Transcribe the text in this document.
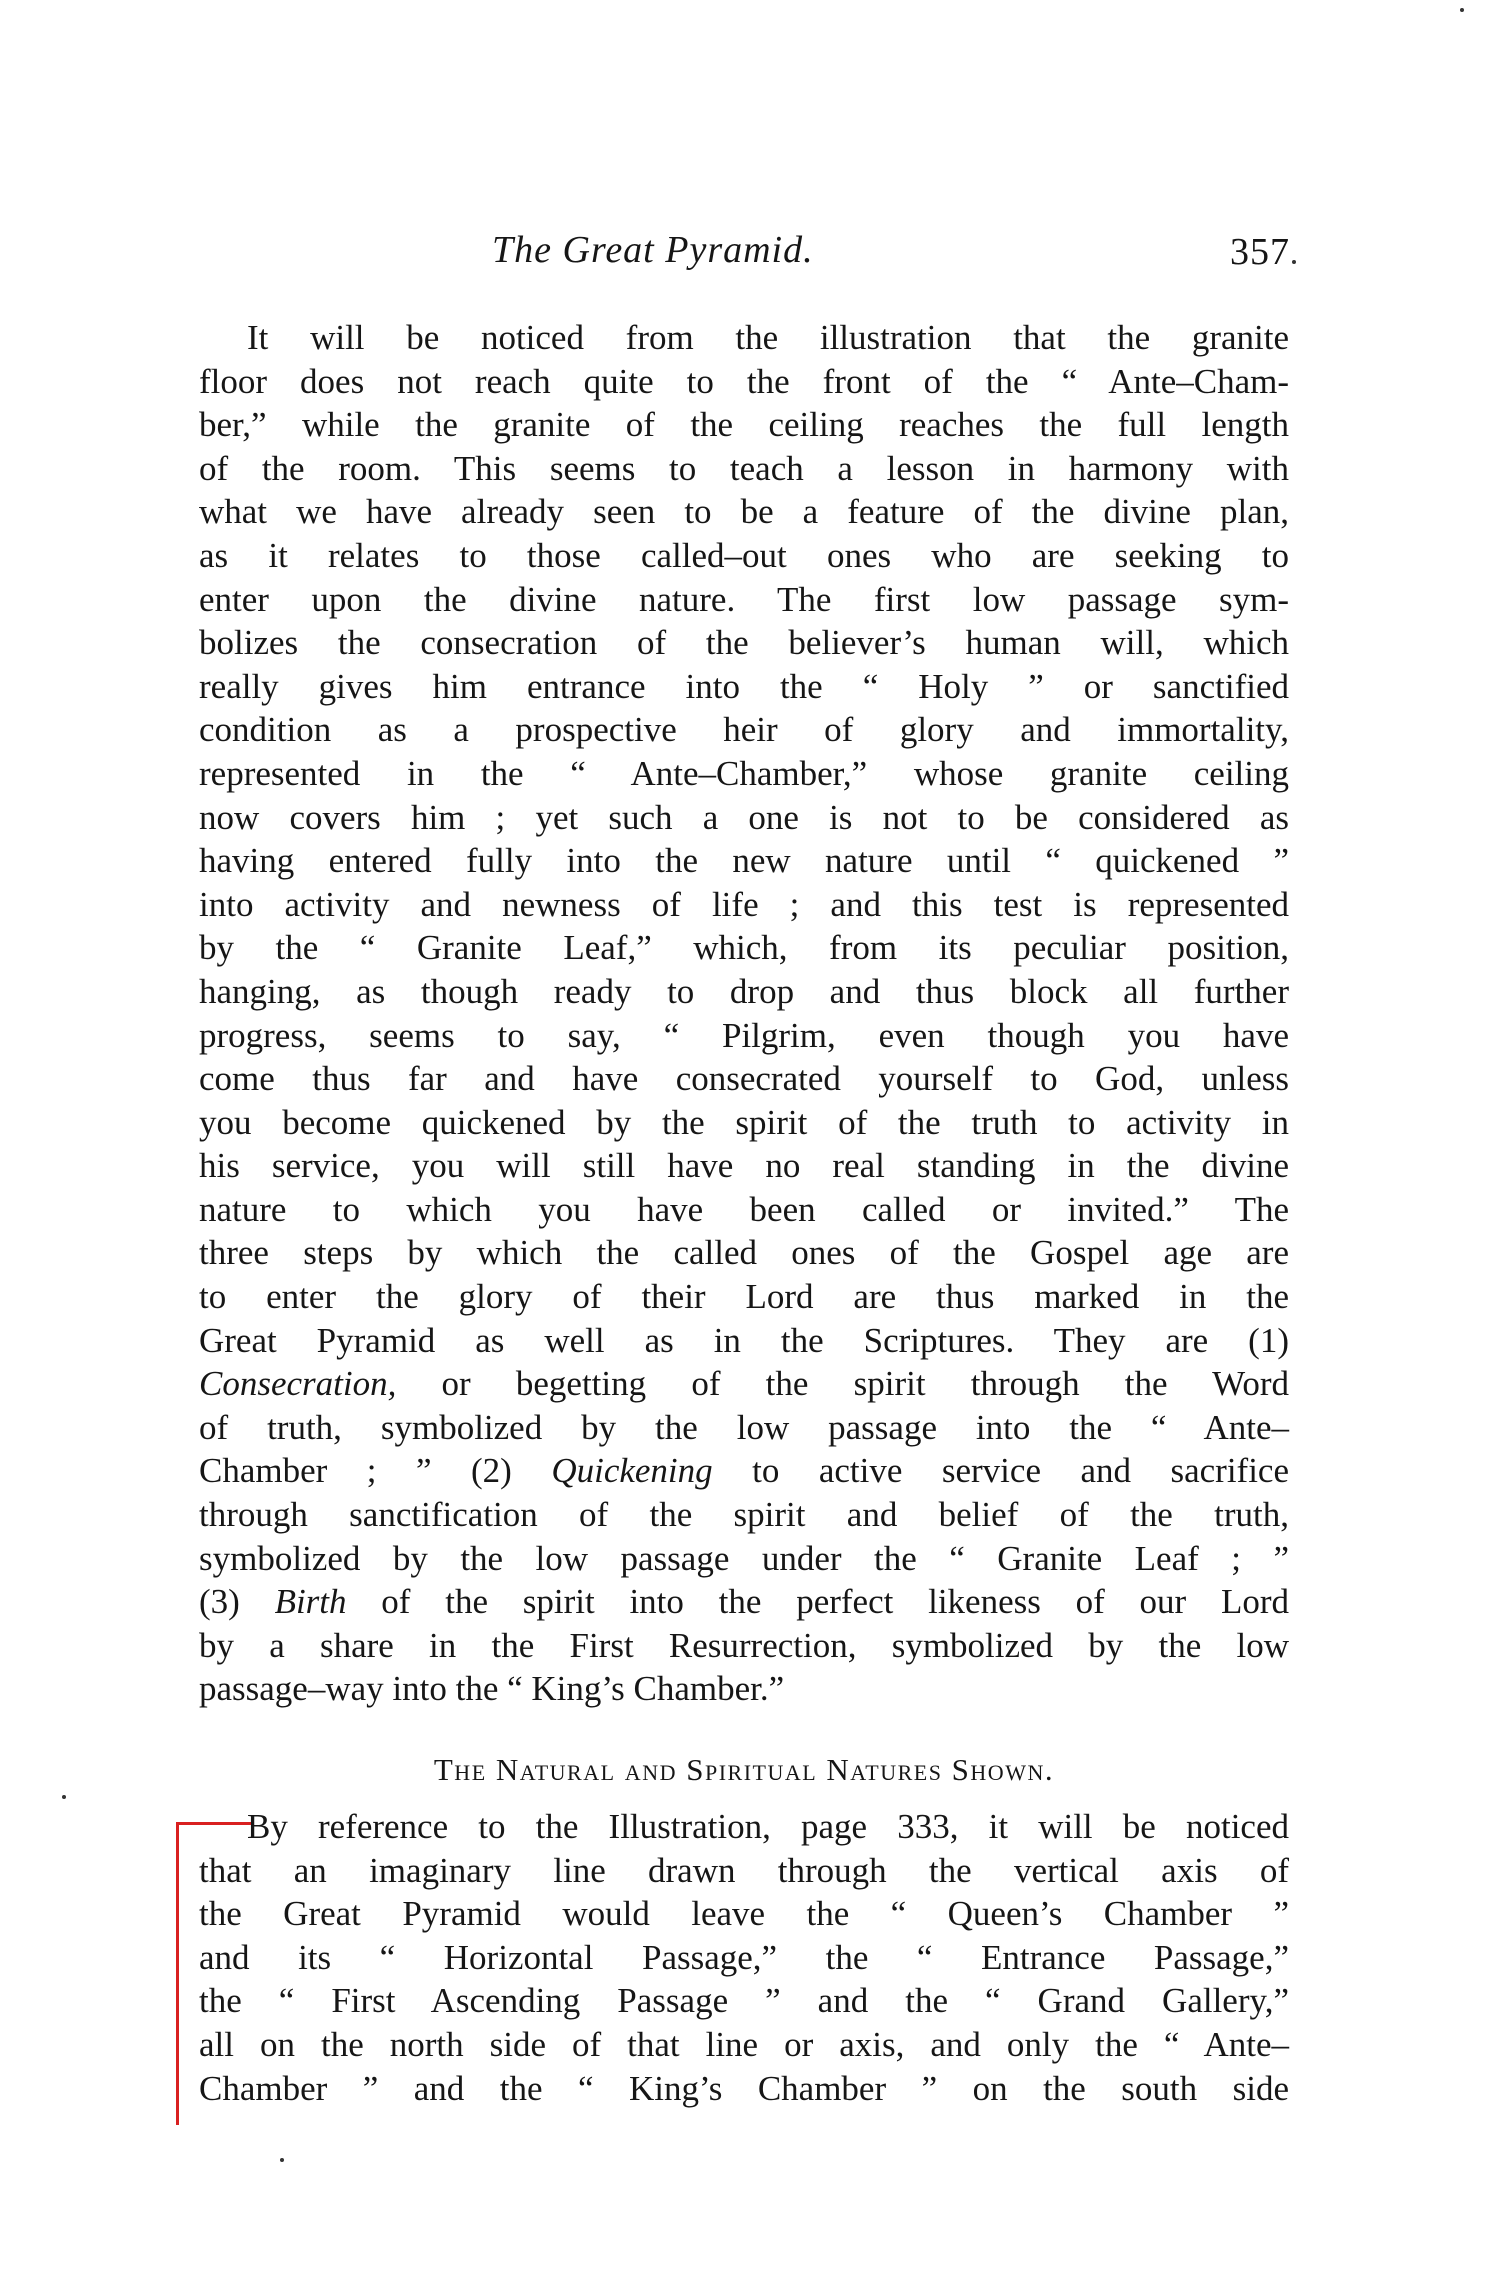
The Great Pyramid.	357
It will be noticed from the illustration that the granite
floor does not reach quite to the front of the “ Ante–Cham-
ber,” while the granite of the ceiling reaches the full length
of the room. This seems to teach a lesson in harmony with
what we have already seen to be a feature of the divine plan,
as it relates to those called–out ones who are seeking to
enter upon the divine nature. The first low passage sym-
bolizes the consecration of the believer’s human will, which
really gives him entrance into the “ Holy ” or sanctified
condition as a prospective heir of glory and immortality,
represented in the “ Ante–Chamber,” whose granite ceiling
now covers him ; yet such a one is not to be considered as
having entered fully into the new nature until “ quickened ”
into activity and newness of life ; and this test is represented
by the “ Granite Leaf,” which, from its peculiar position,
hanging, as though ready to drop and thus block all further
progress, seems to say, “ Pilgrim, even though you have
come thus far and have consecrated yourself to God, unless
you become quickened by the spirit of the truth to activity in
his service, you will still have no real standing in the divine
nature to which you have been called or invited.” The
three steps by which the called ones of the Gospel age are
to enter the glory of their Lord are thus marked in the
Great Pyramid as well as in the Scriptures. They are (1)
Consecration, or begetting of the spirit through the Word
of truth, symbolized by the low passage into the “ Ante–
Chamber ; ” (2) Quickening to active service and sacrifice
through sanctification of the spirit and belief of the truth,
symbolized by the low passage under the “ Granite Leaf ; ”
(3) Birth of the spirit into the perfect likeness of our Lord
by a share in the First Resurrection, symbolized by the low
passage–way into the “ King’s Chamber.”
The Natural and Spiritual Natures Shown.
By reference to the Illustration, page 333, it will be noticed
that an imaginary line drawn through the vertical axis of
the Great Pyramid would leave the “ Queen’s Chamber ”
and its “ Horizontal Passage,” the “ Entrance Passage,”
the “ First Ascending Passage ” and the “ Grand Gallery,”
all on the north side of that line or axis, and only the “ Ante–
Chamber ” and the “ King’s Chamber ” on the south side
